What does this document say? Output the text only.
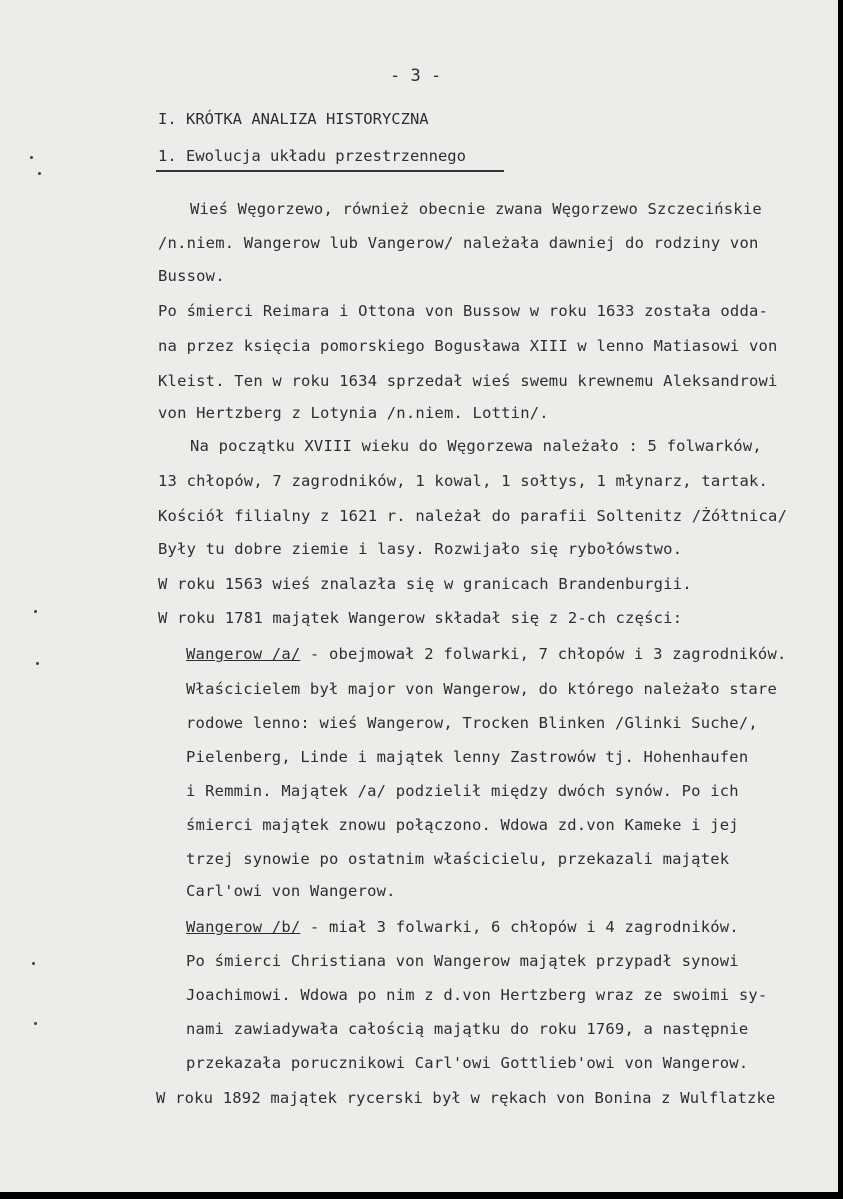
- 3 -
I. KRÓTKA ANALIZA HISTORYCZNA
1. Ewolucja układu przestrzennego
Wieś Węgorzewo, również obecnie zwana Węgorzewo Szczecińskie
/n.niem. Wangerow lub Vangerow/ należała dawniej do rodziny von
Bussow.
Po śmierci Reimara i Ottona von Bussow w roku 1633 została odda-
na przez księcia pomorskiego Bogusława XIII w lenno Matiasowi von
Kleist. Ten w roku 1634 sprzedał wieś swemu krewnemu Aleksandrowi
von Hertzberg z Lotynia /n.niem. Lottin/.
Na początku XVIII wieku do Węgorzewa należało : 5 folwarków,
13 chłopów, 7 zagrodników, 1 kowal, 1 sołtys, 1 młynarz, tartak.
Kościół filialny z 1621 r. należał do parafii Soltenitz /Żółtnica/
Były tu dobre ziemie i lasy. Rozwijało się rybołówstwo.
W roku 1563 wieś znalazła się w granicach Brandenburgii.
W roku 1781 majątek Wangerow składał się z 2-ch części:
Wangerow /a/ - obejmował 2 folwarki, 7 chłopów i 3 zagrodników.
Właścicielem był major von Wangerow, do którego należało stare
rodowe lenno: wieś Wangerow, Trocken Blinken /Glinki Suche/,
Pielenberg, Linde i majątek lenny Zastrowów tj. Hohenhaufen
i Remmin. Majątek /a/ podzielił między dwóch synów. Po ich
śmierci majątek znowu połączono. Wdowa zd.von Kameke i jej
trzej synowie po ostatnim właścicielu, przekazali majątek
Carl'owi von Wangerow.
Wangerow /b/ - miał 3 folwarki, 6 chłopów i 4 zagrodników.
Po śmierci Christiana von Wangerow majątek przypadł synowi
Joachimowi. Wdowa po nim z d.von Hertzberg wraz ze swoimi sy-
nami zawiadywała całością majątku do roku 1769, a następnie
przekazała porucznikowi Carl'owi Gottlieb'owi von Wangerow.
W roku 1892 majątek rycerski był w rękach von Bonina z Wulflatzke
